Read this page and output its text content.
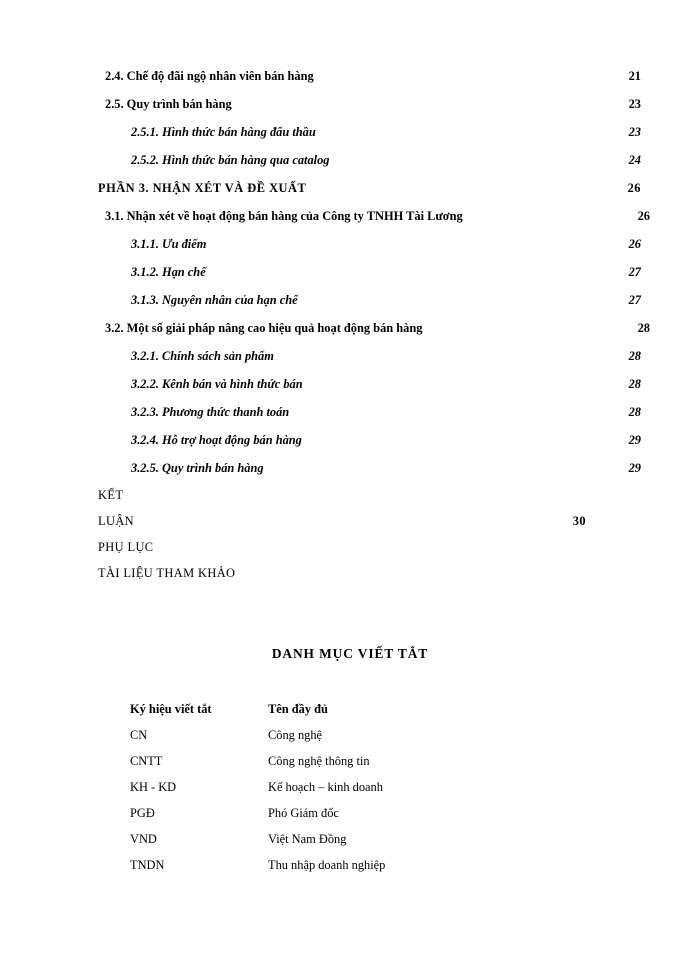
2.4. Chế độ đãi ngộ nhân viên bán hàng .....	21
2.5. Quy trình bán hàng .....	23
2.5.1. Hình thức bán hàng đấu thầu .....	23
2.5.2. Hình thức bán hàng qua catalog .....	24
PHẦN 3. NHẬN XÉT VÀ ĐỀ XUẤT .....	26
3.1. Nhận xét về hoạt động bán hàng của Công ty TNHH Tài Lương .....	26
3.1.1. Ưu điểm .....	26
3.1.2. Hạn chế .....	27
3.1.3. Nguyên nhân của hạn chế .....	27
3.2. Một số giải pháp nâng cao hiệu quả hoạt động bán hàng .....	28
3.2.1. Chính sách sản phẩm .....	28
3.2.2. Kênh bán và hình thức bán .....	28
3.2.3. Phương thức thanh toán .....	28
3.2.4. Hỗ trợ hoạt động bán hàng .....	29
3.2.5. Quy trình bán hàng .....	29
KẾT
LUẬN .....	30
PHỤ LỤC
TÀI LIỆU THAM KHẢO
DANH MỤC VIẾT TẮT
Ký hiệu viết tắt	Tên đầy đủ
CN	Công nghệ
CNTT	Công nghệ thông tin
KH - KD	Kế hoạch – kinh doanh
PGĐ	Phó Giám đốc
VND	Việt Nam Đồng
TNDN	Thu nhập doanh nghiệp
